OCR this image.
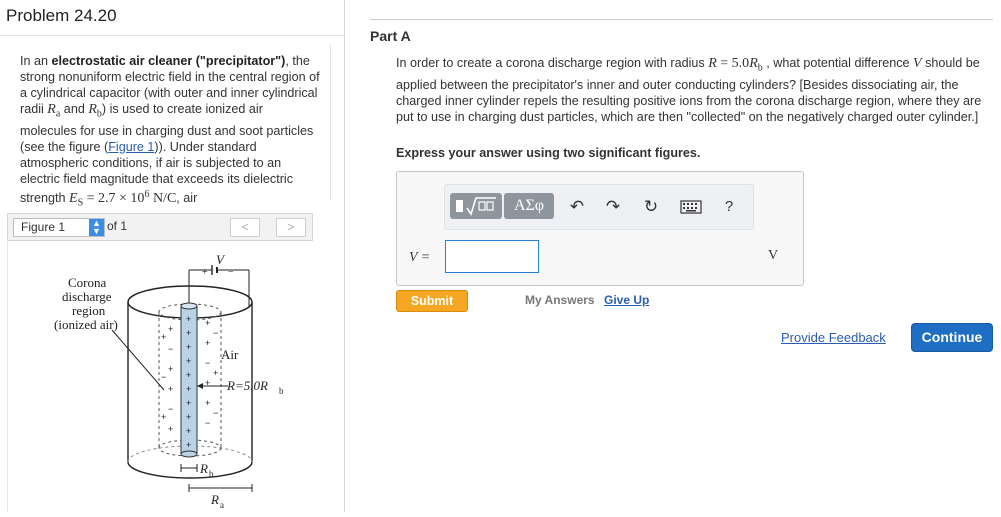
Problem 24.20
In an electrostatic air cleaner ("precipitator"), the strong nonuniform electric field in the central region of a cylindrical capacitor (with outer and inner cylindrical radii $R_a$ and $R_b$) is used to create ionized air molecules for use in charging dust and soot particles (see the figure (Figure 1)). Under standard atmospheric conditions, if air is subjected to an electric field magnitude that exceeds its dielectric strength $E_S = 2.7 \times 10^6$ N/C, air
Figure 1	▲
▼ of 1	<	>
+
+
+
+
+
+
+
+
+
+
+
−
+
+
−
+
+
+
−
+
+
−
+
−
+
−
+
−
Corona
discharge
region
(ionized air)
Air
V
+ −
R=5.0R b
R b
R a
Part A
In order to create a corona discharge region with radius $R = 5.0R_b$ , what potential difference V should be applied between the precipitator's inner and outer conducting cylinders? [Besides dissociating air, the charged inner cylinder repels the resulting positive ions from the corona discharge region, where they are put to use in charging dust particles, which are then "collected" on the negatively charged outer cylinder.]
Express your answer using two significant figures.
ΑΣφ	↶ ↷ ↻	?
V =	V
Submit	My Answers Give Up
Provide Feedback	Continue
